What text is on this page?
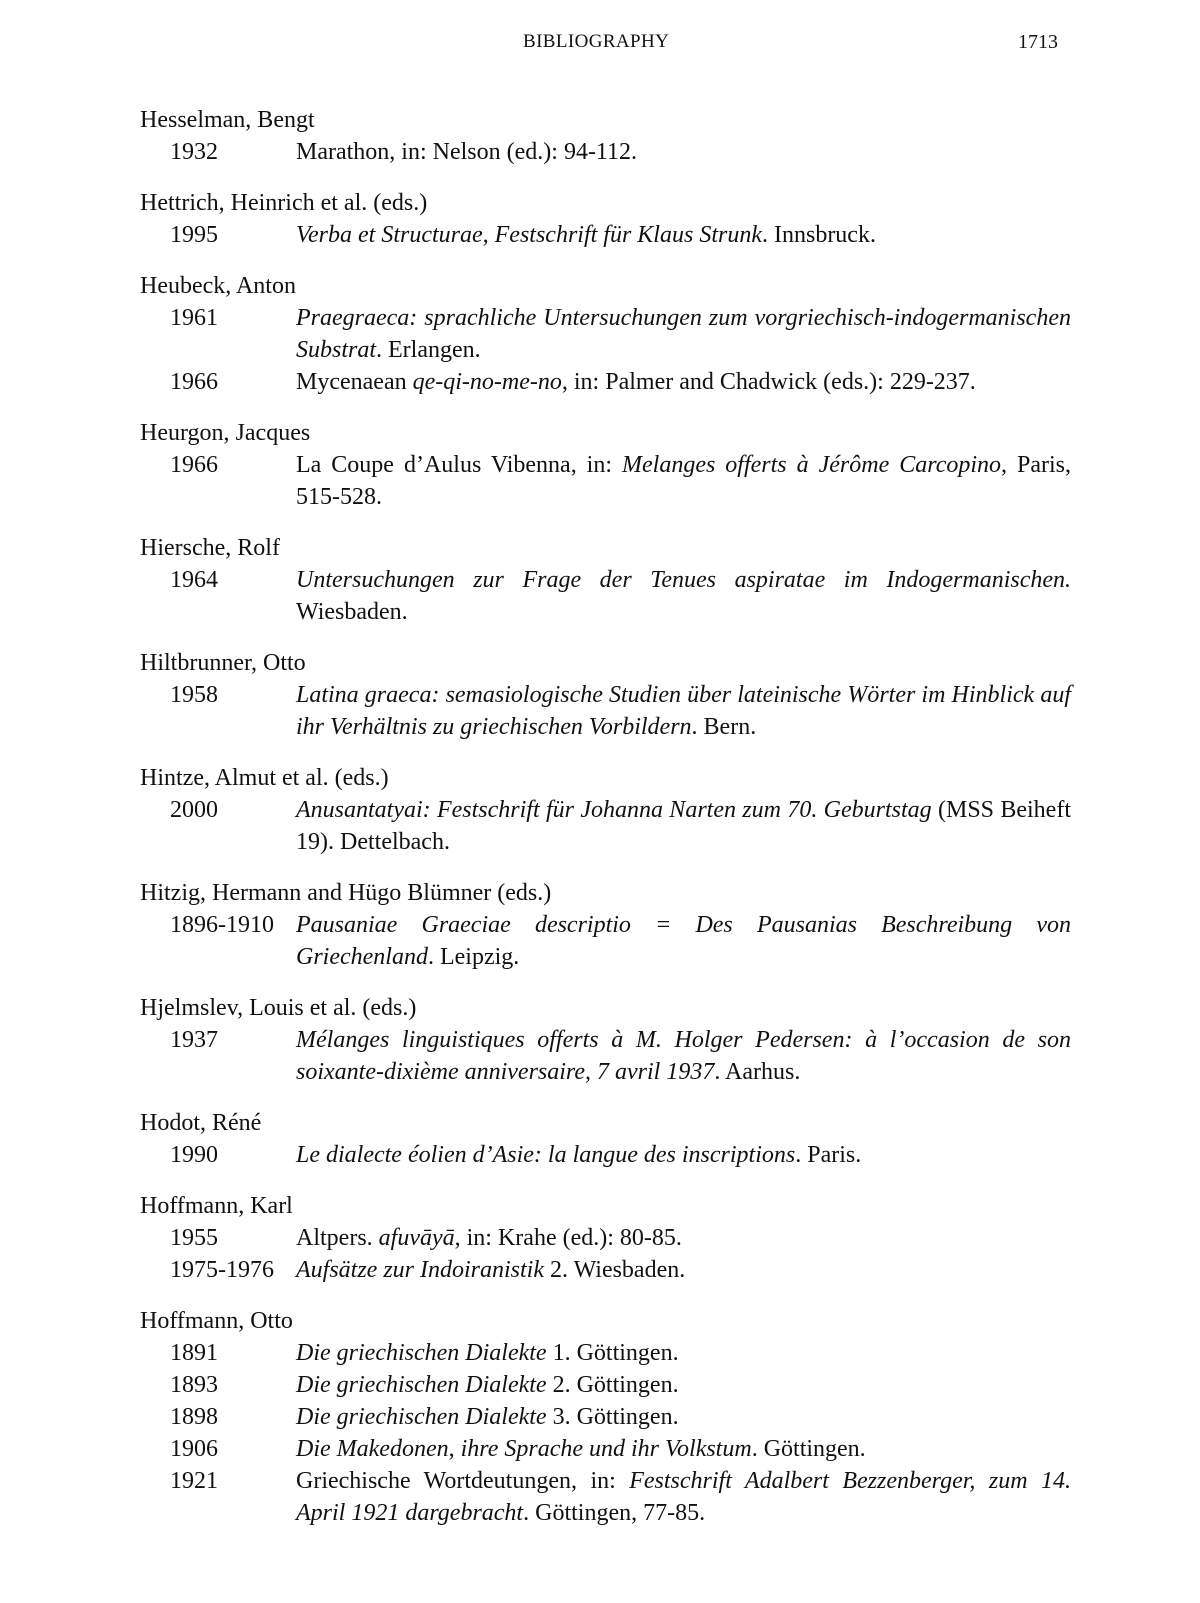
BIBLIOGRAPHY	1713
Hesselman, Bengt
1932	Marathon, in: Nelson (ed.): 94-112.
Hettrich, Heinrich et al. (eds.)
1995	Verba et Structurae, Festschrift für Klaus Strunk. Innsbruck.
Heubeck, Anton
1961	Praegraeca: sprachliche Untersuchungen zum vorgriechisch-indogermanischen Substrat. Erlangen.
1966	Mycenaean qe-qi-no-me-no, in: Palmer and Chadwick (eds.): 229-237.
Heurgon, Jacques
1966	La Coupe d’Aulus Vibenna, in: Melanges offerts à Jérôme Carcopino, Paris, 515-528.
Hiersche, Rolf
1964	Untersuchungen zur Frage der Tenues aspiratae im Indogermanischen. Wiesbaden.
Hiltbrunner, Otto
1958	Latina graeca: semasiologische Studien über lateinische Wörter im Hinblick auf ihr Verhältnis zu griechischen Vorbildern. Bern.
Hintze, Almut et al. (eds.)
2000	Anusantatyai: Festschrift für Johanna Narten zum 70. Geburtstag (MSS Beiheft 19). Dettelbach.
Hitzig, Hermann and Hügo Blümner (eds.)
1896-1910 Pausaniae Graeciae descriptio = Des Pausanias Beschreibung von Griechenland. Leipzig.
Hjelmslev, Louis et al. (eds.)
1937	Mélanges linguistiques offerts à M. Holger Pedersen: à l’occasion de son soixante-dixième anniversaire, 7 avril 1937. Aarhus.
Hodot, Réné
1990	Le dialecte éolien d’Asie: la langue des inscriptions. Paris.
Hoffmann, Karl
1955	Altpers. afuvāyā, in: Krahe (ed.): 80-85.
1975-1976 Aufsätze zur Indoiranistik 2. Wiesbaden.
Hoffmann, Otto
1891	Die griechischen Dialekte 1. Göttingen.
1893	Die griechischen Dialekte 2. Göttingen.
1898	Die griechischen Dialekte 3. Göttingen.
1906	Die Makedonen, ihre Sprache und ihr Volkstum. Göttingen.
1921	Griechische Wortdeutungen, in: Festschrift Adalbert Bezzenberger, zum 14. April 1921 dargebracht. Göttingen, 77-85.
